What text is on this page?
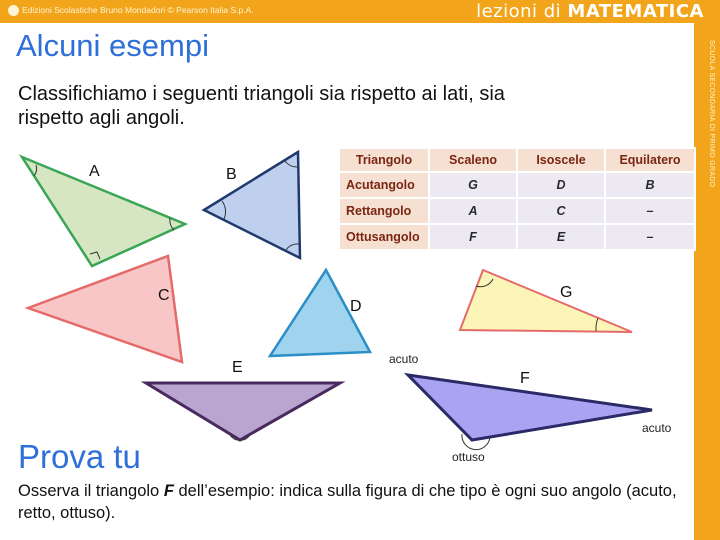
Edizioni Scolastiche Bruno Mondadori © Pearson Italia S.p.A.	lezioni di MATEMATICA
SCUOLA SECONDARIA DI PRIMO GRADO
Alcuni esempi
Classifichiamo i seguenti triangoli sia rispetto ai lati, sia
rispetto agli angoli.
A	B
C
D
E
F
G
acuto
acuto
ottuso
Triangolo	Scaleno	Isoscele	Equilatero
Acutangolo	G	D	B
Rettangolo	A	C	–
Ottusangolo	F	E	–
Prova tu
Osserva il triangolo F dell’esempio: indica sulla figura di che tipo è ogni suo angolo (acuto, retto, ottuso).
